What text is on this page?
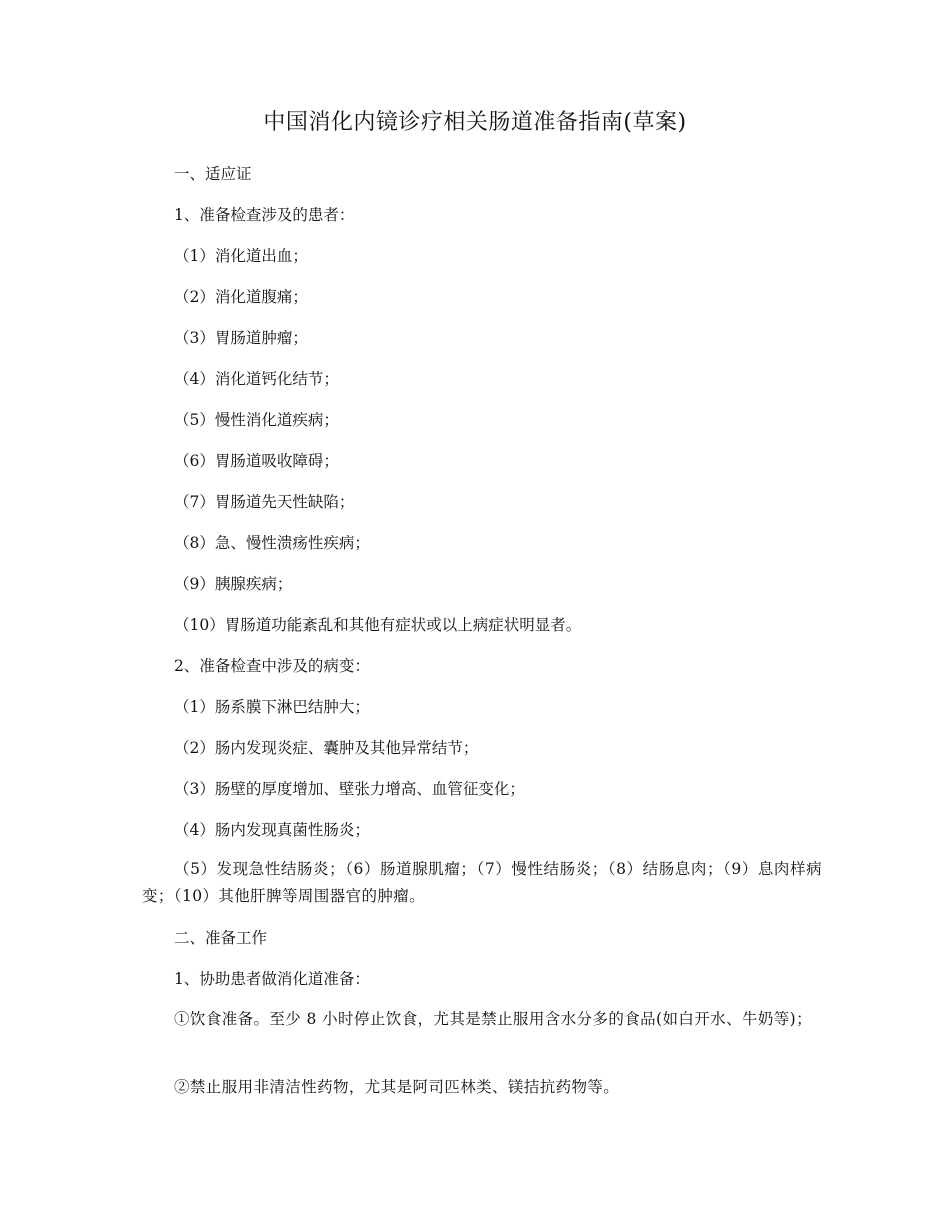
中国消化内镜诊疗相关肠道准备指南(草案)
一、适应证
1、准备检查涉及的患者：
（1）消化道出血；
（2）消化道腹痛；
（3）胃肠道肿瘤；
（4）消化道钙化结节；
（5）慢性消化道疾病；
（6）胃肠道吸收障碍；
（7）胃肠道先天性缺陷；
（8）急、慢性溃疡性疾病；
（9）胰腺疾病；
（10）胃肠道功能紊乱和其他有症状或以上病症状明显者。
2、准备检查中涉及的病变：
（1）肠系膜下淋巴结肿大；
（2）肠内发现炎症、囊肿及其他异常结节；
（3）肠壁的厚度增加、壁张力增高、血管征变化；
（4）肠内发现真菌性肠炎；
（5）发现急性结肠炎；（6）肠道腺肌瘤；（7）慢性结肠炎；（8）结肠息肉；（9）息肉样病变；（10）其他肝脾等周围器官的肿瘤。
二、准备工作
1、协助患者做消化道准备：
①饮食准备。至少 8 小时停止饮食，尤其是禁止服用含水分多的食品(如白开水、牛奶等)；
②禁止服用非清洁性药物，尤其是阿司匹林类、镁拮抗药物等。
